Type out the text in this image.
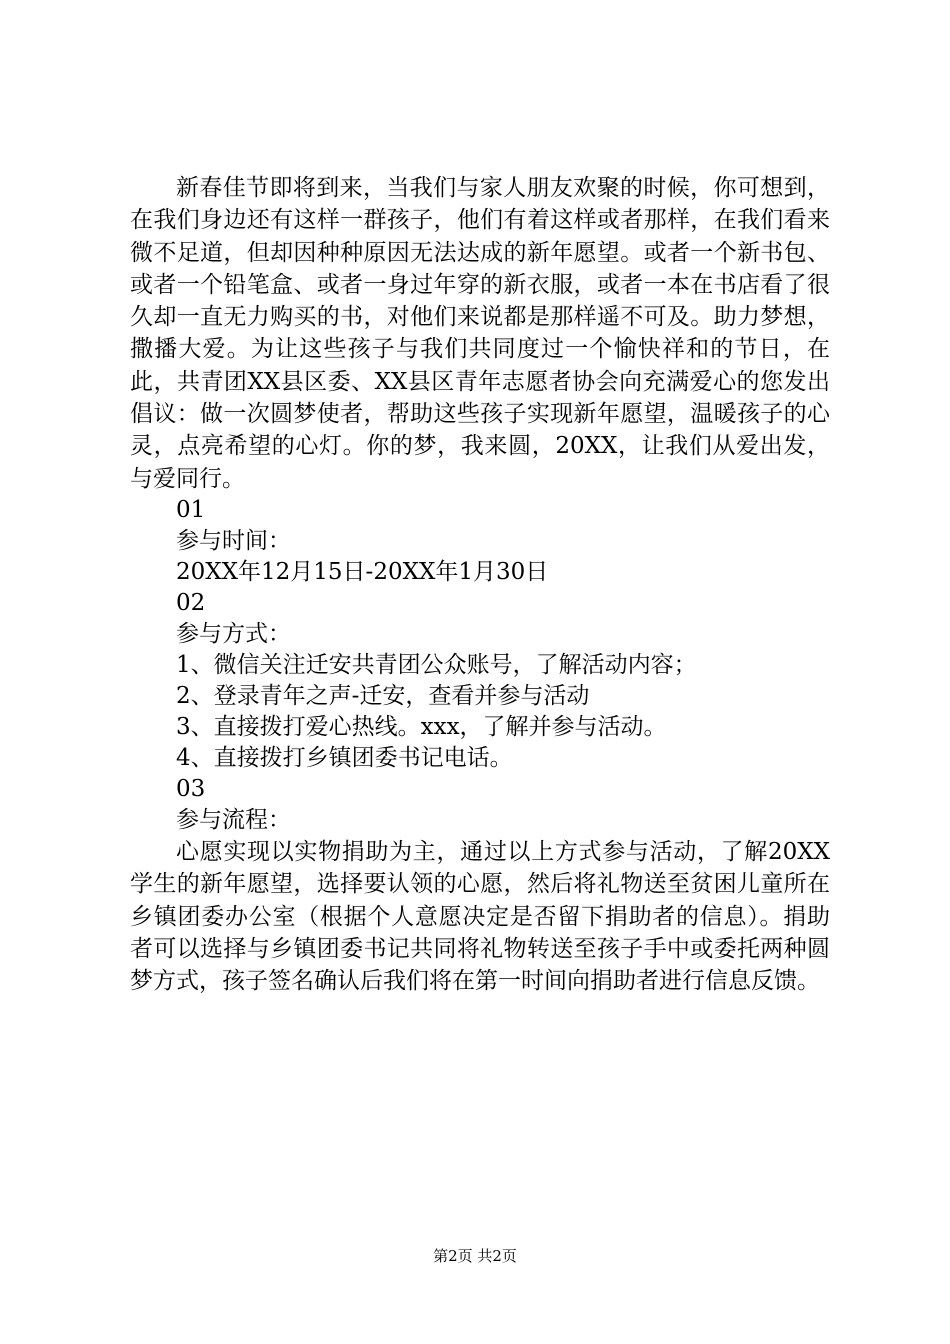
新春佳节即将到来，当我们与家人朋友欢聚的时候，你可想到，在我们身边还有这样一群孩子，他们有着这样或者那样，在我们看来微不足道，但却因种种原因无法达成的新年愿望。或者一个新书包、或者一个铅笔盒、或者一身过年穿的新衣服，或者一本在书店看了很久却一直无力购买的书，对他们来说都是那样遥不可及。助力梦想，撒播大爱。为让这些孩子与我们共同度过一个愉快祥和的节日，在此，共青团XX县区委、XX县区青年志愿者协会向充满爱心的您发出倡议：做一次圆梦使者，帮助这些孩子实现新年愿望，温暖孩子的心灵，点亮希望的心灯。你的梦，我来圆，20XX，让我们从爱出发，与爱同行。

01

参与时间：

20XX年12月15日-20XX年1月30日

02

参与方式：

1、微信关注迁安共青团公众账号，了解活动内容；

2、登录青年之声-迁安，查看并参与活动

3、直接拨打爱心热线。xxx，了解并参与活动。

4、直接拨打乡镇团委书记电话。

03

参与流程：

心愿实现以实物捐助为主，通过以上方式参与活动，了解20XX学生的新年愿望，选择要认领的心愿，然后将礼物送至贫困儿童所在乡镇团委办公室（根据个人意愿决定是否留下捐助者的信息）。捐助者可以选择与乡镇团委书记共同将礼物转送至孩子手中或委托两种圆梦方式，孩子签名确认后我们将在第一时间向捐助者进行信息反馈。

第2页 共2页
